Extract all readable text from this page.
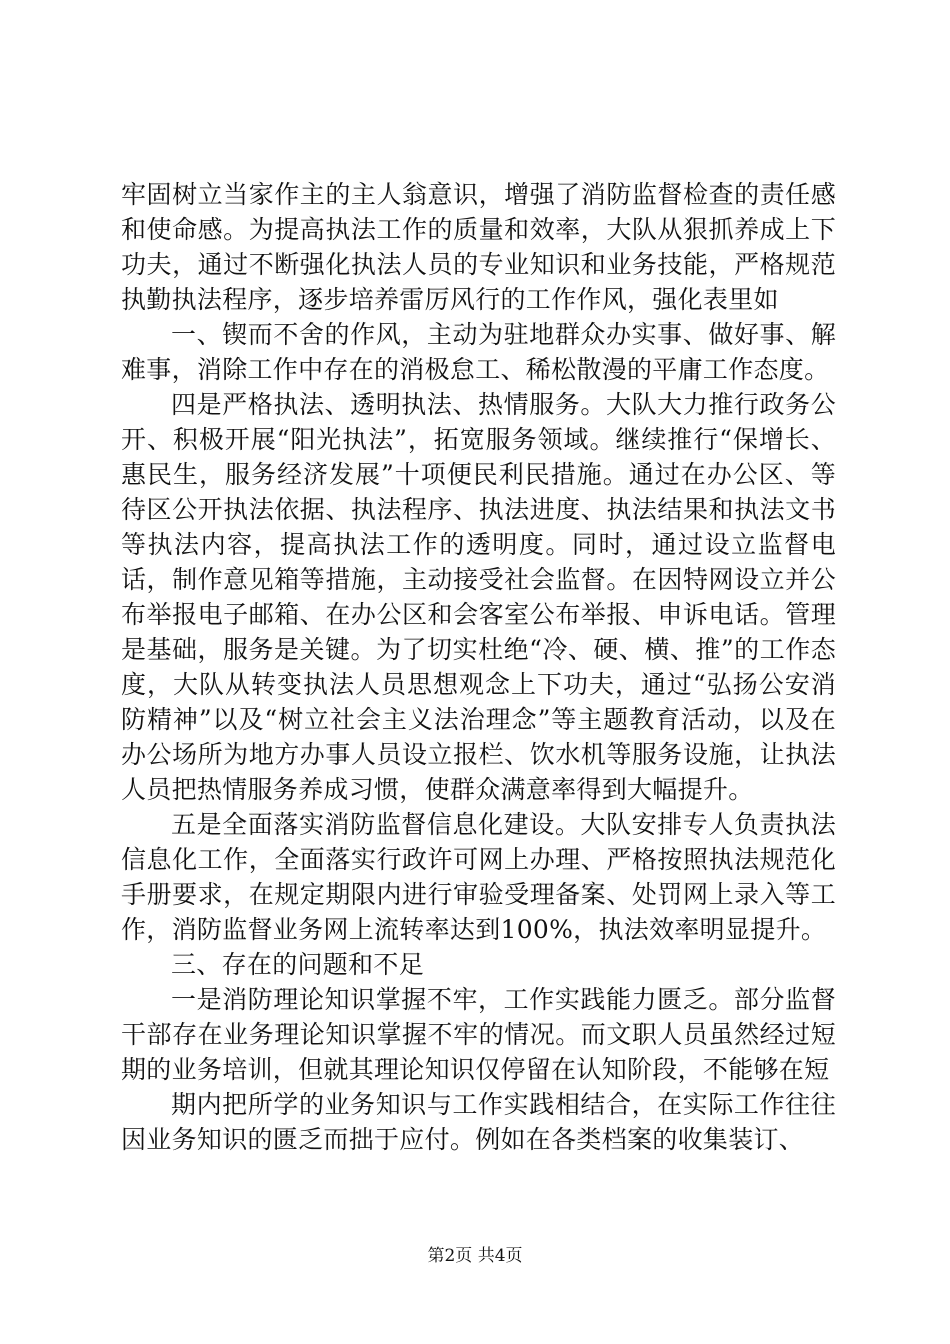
牢固树立当家作主的主人翁意识，增强了消防监督检查的责任感和使命感。为提高执法工作的质量和效率，大队从狠抓养成上下功夫，通过不断强化执法人员的专业知识和业务技能，严格规范执勤执法程序，逐步培养雷厉风行的工作作风，强化表里如

一、锲而不舍的作风，主动为驻地群众办实事、做好事、解难事，消除工作中存在的消极怠工、稀松散漫的平庸工作态度。

四是严格执法、透明执法、热情服务。大队大力推行政务公开、积极开展“阳光执法”，拓宽服务领域。继续推行“保增长、惠民生，服务经济发展”十项便民利民措施。通过在办公区、等待区公开执法依据、执法程序、执法进度、执法结果和执法文书等执法内容，提高执法工作的透明度。同时，通过设立监督电话，制作意见箱等措施，主动接受社会监督。在因特网设立并公布举报电子邮箱、在办公区和会客室公布举报、申诉电话。管理是基础，服务是关键。为了切实杜绝“冷、硬、横、推”的工作态度，大队从转变执法人员思想观念上下功夫，通过“弘扬公安消防精神”以及“树立社会主义法治理念”等主题教育活动，以及在办公场所为地方办事人员设立报栏、饮水机等服务设施，让执法人员把热情服务养成习惯，使群众满意率得到大幅提升。

五是全面落实消防监督信息化建设。大队安排专人负责执法信息化工作，全面落实行政许可网上办理、严格按照执法规范化手册要求，在规定期限内进行审验受理备案、处罚网上录入等工作，消防监督业务网上流转率达到100%，执法效率明显提升。

三、存在的问题和不足

一是消防理论知识掌握不牢，工作实践能力匮乏。部分监督干部存在业务理论知识掌握不牢的情况。而文职人员虽然经过短期的业务培训，但就其理论知识仅停留在认知阶段，不能够在短

期内把所学的业务知识与工作实践相结合，在实际工作往往因业务知识的匮乏而拙于应付。例如在各类档案的收集装订、

第2页 共4页
